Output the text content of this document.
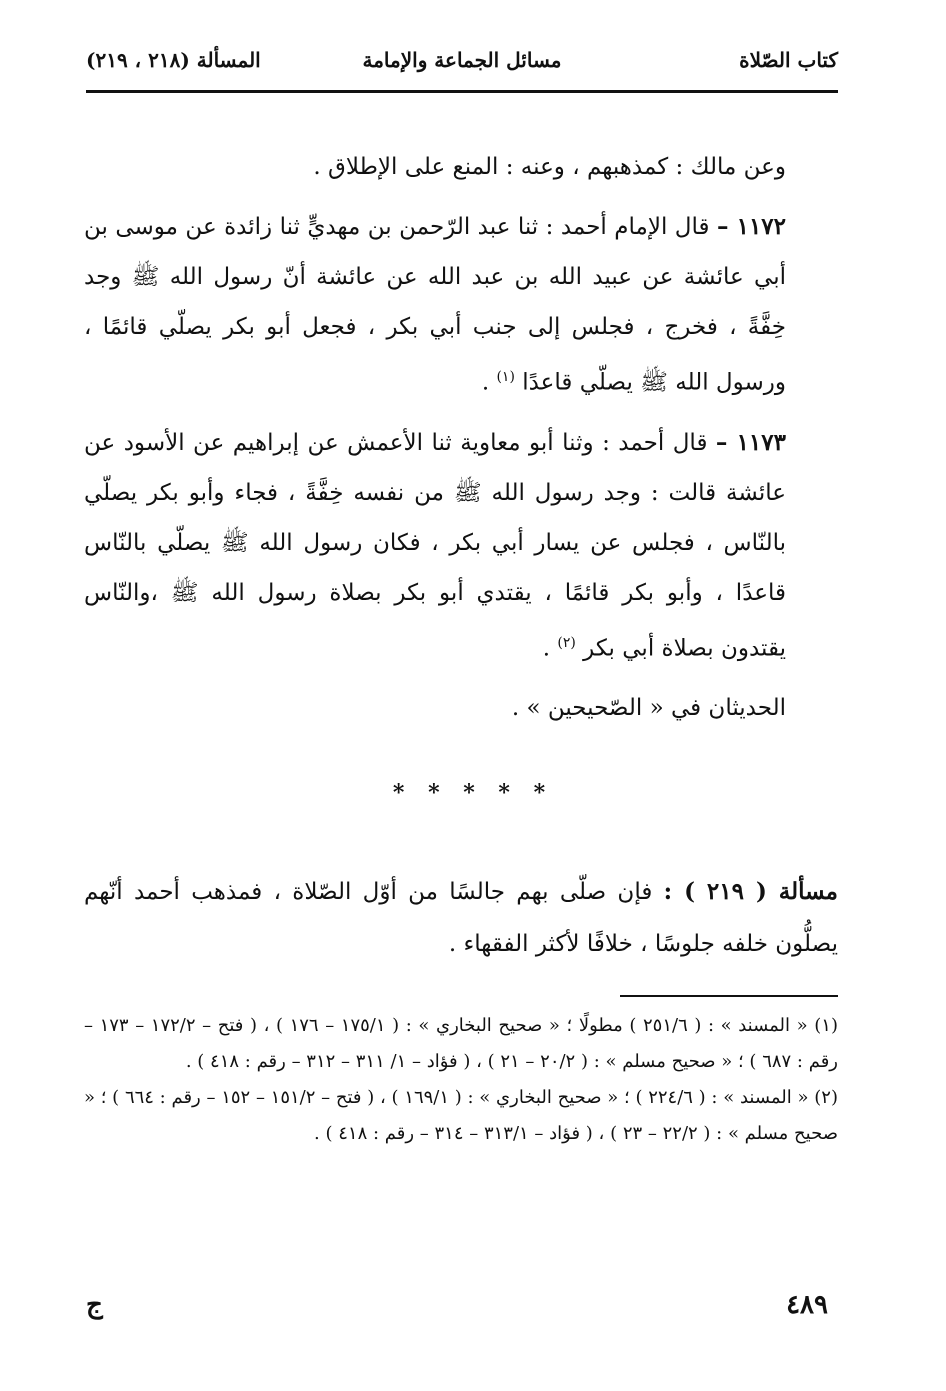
كتاب الصّلاة
مسائل الجماعة والإمامة
المسألة (٢١٨ ، ٢١٩)

وعن مالك : كمذهبهم ، وعنه : المنع على الإطلاق .

١١٧٢ – قال الإمام أحمد : ثنا عبد الرّحمن بن مهديٍّ ثنا زائدة عن موسى بن أبي عائشة عن عبيد الله بن عبد الله عن عائشة أنّ رسول الله ﷺ وجد خِفَّةً ، فخرج ، فجلس إلى جنب أبي بكر ، فجعل أبو بكر يصلّي قائمًا ، ورسول الله ﷺ يصلّي قاعدًا $^{(١)}$ .

١١٧٣ – قال أحمد : وثنا أبو معاوية ثنا الأعمش عن إبراهيم عن الأسود عن عائشة قالت : وجد رسول الله ﷺ من نفسه خِفَّةً ، فجاء وأبو بكر يصلّي بالنّاس ، فجلس عن يسار أبي بكر ، فكان رسول الله ﷺ يصلّي بالنّاس قاعدًا ، وأبو بكر قائمًا ، يقتدي أبو بكر بصلاة رسول الله ﷺ ،والنّاس يقتدون بصلاة أبي بكر $^{(٢)}$ .

الحديثان في « الصّحيحين » .

* * * * *
مسألة ( ٢١٩ ) : فإن صلّى بهم جالسًا من أوّل الصّلاة ، فمذهب أحمد أنّهم يصلُّون خلفه جلوسًا ، خلافًا لأكثر الفقهاء .
(١) « المسند » : ( ٢٥١/٦ ) مطولًا ؛ « صحيح البخاري » : ( ١٧٥/١ – ١٧٦ ) ، ( فتح – ١٧٢/٢ – ١٧٣ – رقم : ٦٨٧ ) ؛ « صحيح مسلم » : ( ٢٠/٢ – ٢١ ) ، ( فؤاد – ١/ ٣١١ – ٣١٢ – رقم : ٤١٨ ) .
(٢) « المسند » : ( ٢٢٤/٦ ) ؛ « صحيح البخاري » : ( ١٦٩/١ ) ، ( فتح – ١٥١/٢ – ١٥٢ – رقم : ٦٦٤ ) ؛ « صحيح مسلم » : ( ٢٢/٢ – ٢٣ ) ، ( فؤاد – ٣١٣/١ – ٣١٤ – رقم : ٤١٨ ) .
٤٨٩
ج
